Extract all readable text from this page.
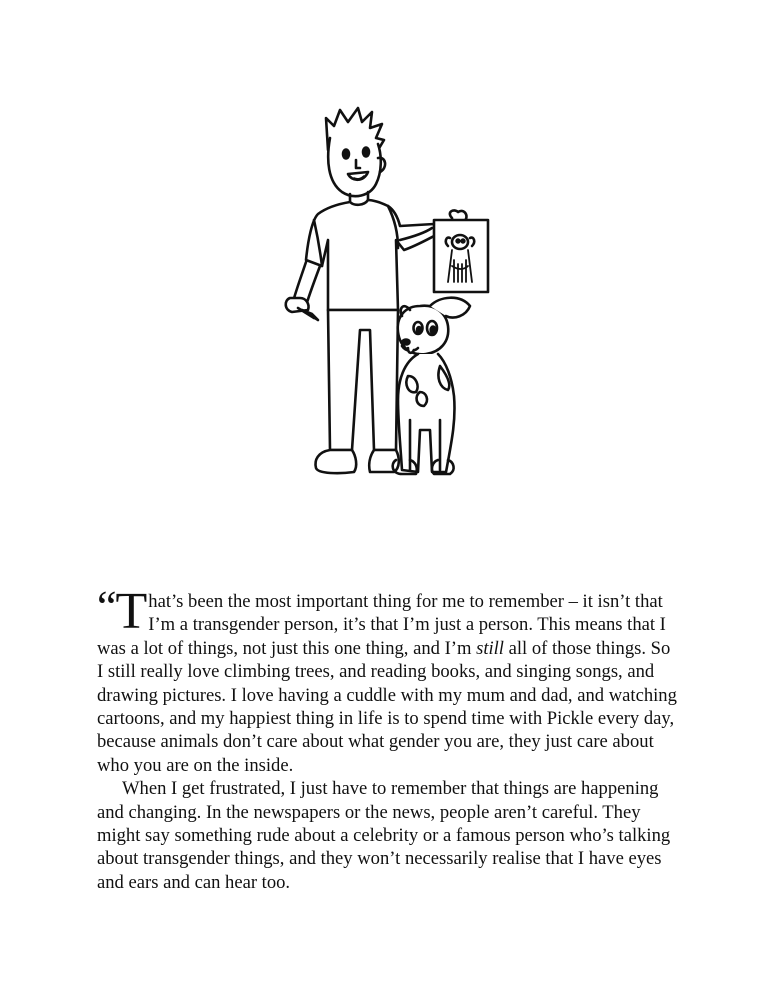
“ T hat’s been the most important thing for me to remember – it isn’t that I’m a transgender person, it’s that I’m just a person. This means that I was a lot of things, not just this one thing, and I’m still all of those things. So I still really love climbing trees, and reading books, and singing songs, and drawing pictures. I love having a cuddle with my mum and dad, and watching cartoons, and my happiest thing in life is to spend time with Pickle every day, because animals don’t care about what gender you are, they just care about who you are on the inside.

When I get frustrated, I just have to remember that things are happening and changing. In the newspapers or the news, people aren’t careful. They might say something rude about a celebrity or a famous person who’s talking about transgender things, and they won’t necessarily realise that I have eyes and ears and can hear too.
